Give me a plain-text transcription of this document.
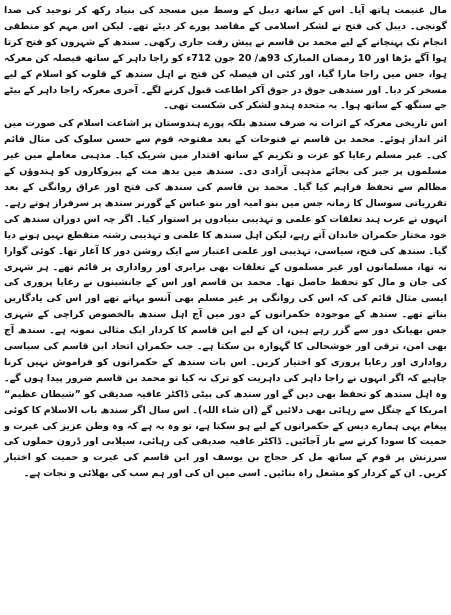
مال غنیمت ہاتھ آیا۔ اس کے ساتھ دیبل کے وسط میں مسجد کی بنیاد رکھ کر توحید کی صدا گونجی۔ دیبل کی فتح نے لشکر اسلامی کے مقاصد پورے کر دیئے تھے۔ لیکن اس مہم کو منطقی انجام تک پہنچانے کے لیے محمد بن قاسم نے پیش رفت جاری رکھی۔ سندھ کے شہروں کو فتح کرتا ہوا آگے بڑھا اور 10 رمضان المبارک 93ھ/ 20 جون 712ء کو راجا داہر کے ساتھ فیصلہ کن معرکہ ہوا، جس میں راجا مارا گیا، اور کئی ان فیصلہ کن فتح نے اہل سندھ کے قلوب کو اسلام کے لیے مسخر کر دیا۔ اور سندھی جوق در جوق آکر اطاعت قبول کرنے لگے۔ آخری معرکہ راجا داہر کے بیٹے جے سنگھ کے ساتھ ہوا۔ یہ متحدہ ہندو لشکر کی شکست تھی۔

اس تاریخی معرکہ کے اثرات نہ صرف سندھ بلکہ پورے ہندوستان پر اشاعت اسلام کی صورت میں اثر انداز ہوئے۔ محمد بن قاسم نے فتوحات کے بعد مفتوحہ قوم سے حسن سلوک کی مثال قائم کی۔ غیر مسلم رعایا کو عزت و تکریم کے ساتھ اقتدار میں شریک کیا۔ مذہبی معاملے میں غیر مسلموں پر جبر کی بجائے مذہبی آزادی دی۔ سندھ میں بدھ مت کے پیروکاروں کو ہندوؤں کے مظالم سے تحفظ فراہم کیا گیا۔ محمد بن قاسم کی سندھ کی فتح اور عراق روانگی کے بعد تقرریاتی سوسال کا زمانہ جس میں بنو امیہ اور بنو عباس کے گورنر سندھ پر سرفراز ہوتے رہے۔ انہوں نے عرب ہند تعلقات کو علمی و تہذیبی بنیادوں پر استوار کیا۔ اگر چہ اس دوران سندھ کی خود مختار حکمران خاندان آتے رہے، لیکن اہل سندھ کا علمی و تہذیبی رشتہ منقطع نہیں ہونے دیا گیا۔ سندھ کی فتح، سیاسی، تہذیبی اور علمی اعتبار سے ایک روشن دور کا آغاز تھا۔ کوئی گوارا نہ تھا، مسلمانوں اور غیر مسلموں کے تعلقات بھی برابری اور رواداری پر قائم تھے۔ ہر شہری کی جان و مال کو تحفظ حاصل تھا۔ محمد بن قاسم اور اس کے جانشینوں نے رعایا پروری کی ایسی مثال قائم کی کہ اس کی روانگی پر غیر مسلم بھی آنسو بہاتے تھے اور اس کی یادگاریں بناتے تھے۔ سندھ کے موجودہ حکمرانوں کے دور میں آج اہل سندھ بالخصوص کراچی کے شہری جس بھیانک دور سے گزر رہے ہیں، ان کے لیے ابن قاسم کا کردار ایک مثالی نمونہ ہے۔ سندھ آج بھی امن، ترقی اور خوشحالی کا گہوارہ بن سکتا ہے۔ جب حکمران اتحاد ابن قاسم کی سیاسی رواداری اور رعایا پروری کو اختیار کریں۔ اس بات سندھ کے حکمرانوں کو فراموش نہیں کرنا چاہیے کہ اگر انہوں نے راجا داہر کی داہریت کو ترک نہ کیا تو محمد بن قاسم ضرور پیدا ہوں گے۔ وہ اہل سندھ کو تحفظ بھی دیں گے اور سندھ کی بیٹی ڈاکٹر عافیہ صدیقی کو ”شیطان عظیم“ امریکا کے چنگل سے رہائی بھی دلائیں گے (ان شاء اللہ)۔ اس سال اگر سندھ باب الاسلام کا کوئی پیغام یہی ہمارے دیس کے حکمرانوں کے لیے ہو سکتا ہے، تو وہ یہ ہے کہ وہ وطن عزیز کی غیرت و حمیت کا سودا کرنے سے باز آجائیں۔ ڈاکٹر عافیہ صدیقی کی رہائی، سیلابی اور ڈرون حملوں کی سرزنش پر قوم کے ساتھ مل کر حجاج بن یوسف اور ابن قاسم کی غیرت و حمیت کو اختیار کریں۔ ان کے کردار کو مشعل راہ بنائیں۔ اسی میں ان کی اور ہم سب کی بھلائی و نجات ہے۔
